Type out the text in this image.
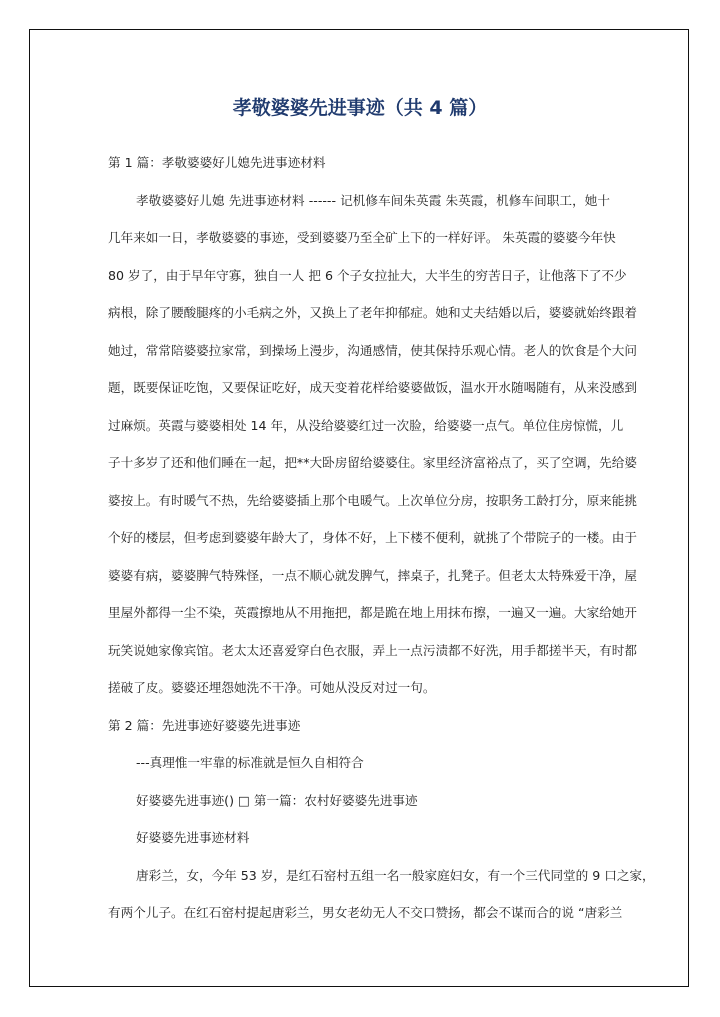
孝敬婆婆先进事迹（共 4 篇）
第 1 篇：孝敬婆婆好儿媳先进事迹材料
孝敬婆婆好儿媳 先进事迹材料 ------ 记机修车间朱英霞 朱英霞，机修车间职工，她十
几年来如一日，孝敬婆婆的事迹，受到婆婆乃至全矿上下的一样好评。 朱英霞的婆婆今年快
80 岁了，由于早年守寡，独自一人 把 6 个子女拉扯大，大半生的穷苦日子，让他落下了不少
病根，除了腰酸腿疼的小毛病之外，又换上了老年抑郁症。她和丈夫结婚以后，婆婆就始终跟着
她过，常常陪婆婆拉家常，到操场上漫步，沟通感情，使其保持乐观心情。老人的饮食是个大问
题，既要保证吃饱，又要保证吃好，成天变着花样给婆婆做饭，温水开水随喝随有，从来没感到
过麻烦。英霞与婆婆相处 14 年，从没给婆婆红过一次脸，给婆婆一点气。单位住房惊慌，儿
子十多岁了还和他们睡在一起，把**大卧房留给婆婆住。家里经济富裕点了，买了空调，先给婆
婆按上。有时暖气不热，先给婆婆插上那个电暖气。上次单位分房，按职务工龄打分，原来能挑
个好的楼层，但考虑到婆婆年龄大了，身体不好，上下楼不便利，就挑了个带院子的一楼。由于
婆婆有病，婆婆脾气特殊怪，一点不顺心就发脾气，摔桌子，扎凳子。但老太太特殊爱干净，屋
里屋外都得一尘不染，英霞擦地从不用拖把，都是跪在地上用抹布擦，一遍又一遍。大家给她开
玩笑说她家像宾馆。老太太还喜爱穿白色衣服，弄上一点污渍都不好洗，用手都搓半天，有时都
搓破了皮。婆婆还埋怨她洗不干净。可她从没反对过一句。
第 2 篇：先进事迹好婆婆先进事迹
---真理惟一牢靠的标准就是恒久自相符合
好婆婆先进事迹() □ 第一篇：农村好婆婆先进事迹
好婆婆先进事迹材料
唐彩兰，女，今年 53 岁，是红石窑村五组一名一般家庭妇女，有一个三代同堂的 9 口之家，
有两个儿子。在红石窑村提起唐彩兰，男女老幼无人不交口赞扬，都会不谋而合的说 “唐彩兰
